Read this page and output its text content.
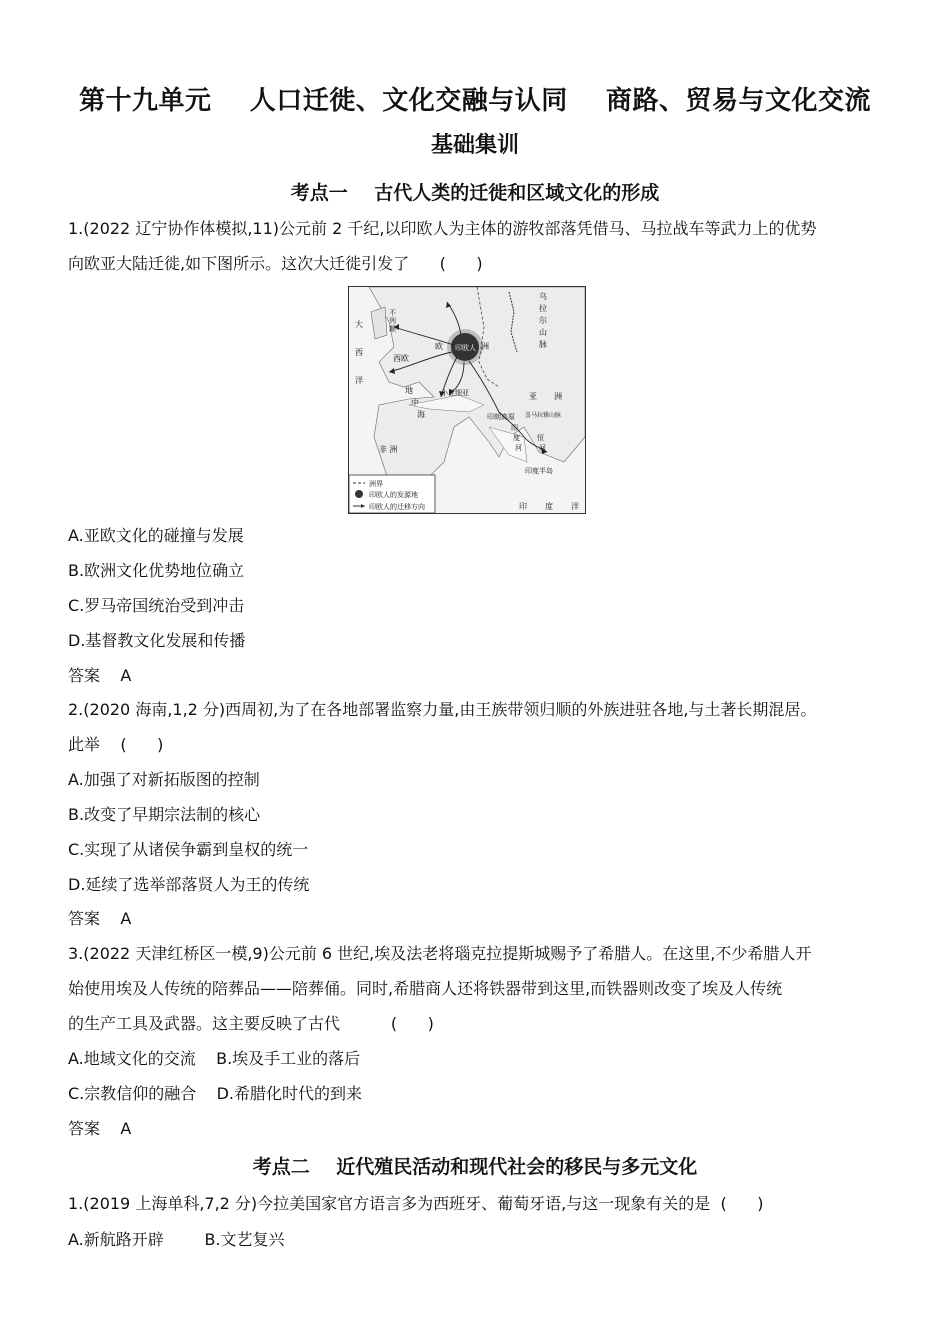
第十九单元    人口迁徙、文化交融与认同    商路、贸易与文化交流
基础集训
考点一    古代人类的迁徙和区域文化的形成
1.(2022 辽宁协作体模拟,11)公元前 2 千纪,以印欧人为主体的游牧部落凭借马、马拉战车等武力上的优势
向欧亚大陆迁徙,如下图所示。这次大迁徙引发了 (      )
大
西
洋
不
列
颠
西欧
欧	洲
印欧人
乌
拉
尔
山
脉
地
中
海
小亚细亚	亚 洲
印朗高原
印
度
河
恒
河
喜马拉雅山脉
印度半岛
非 洲
印 度 洋
洲界
印欧人的发源地
印欧人的迁移方向
A.亚欧文化的碰撞与发展
B.欧洲文化优势地位确立
C.罗马帝国统治受到冲击
D.基督教文化发展和传播
答案    A
2.(2020 海南,1,2 分)西周初,为了在各地部署监察力量,由王族带领归顺的外族进驻各地,与土著长期混居。
此举 (      )
A.加强了对新拓版图的控制
B.改变了早期宗法制的核心
C.实现了从诸侯争霸到皇权的统一
D.延续了选举部落贤人为王的传统
答案    A
3.(2022 天津红桥区一模,9)公元前 6 世纪,埃及法老将瑙克拉提斯城赐予了希腊人。在这里,不少希腊人开
始使用埃及人传统的陪葬品——陪葬俑。同时,希腊商人还将铁器带到这里,而铁器则改变了埃及人传统
的生产工具及武器。这主要反映了古代	(      )
A.地域文化的交流    B.埃及手工业的落后
C.宗教信仰的融合    D.希腊化时代的到来
答案    A
考点二    近代殖民活动和现代社会的移民与多元文化
1.(2019 上海单科,7,2 分)今拉美国家官方语言多为西班牙、葡萄牙语,与这一现象有关的是 (      )
A.新航路开辟        B.文艺复兴
